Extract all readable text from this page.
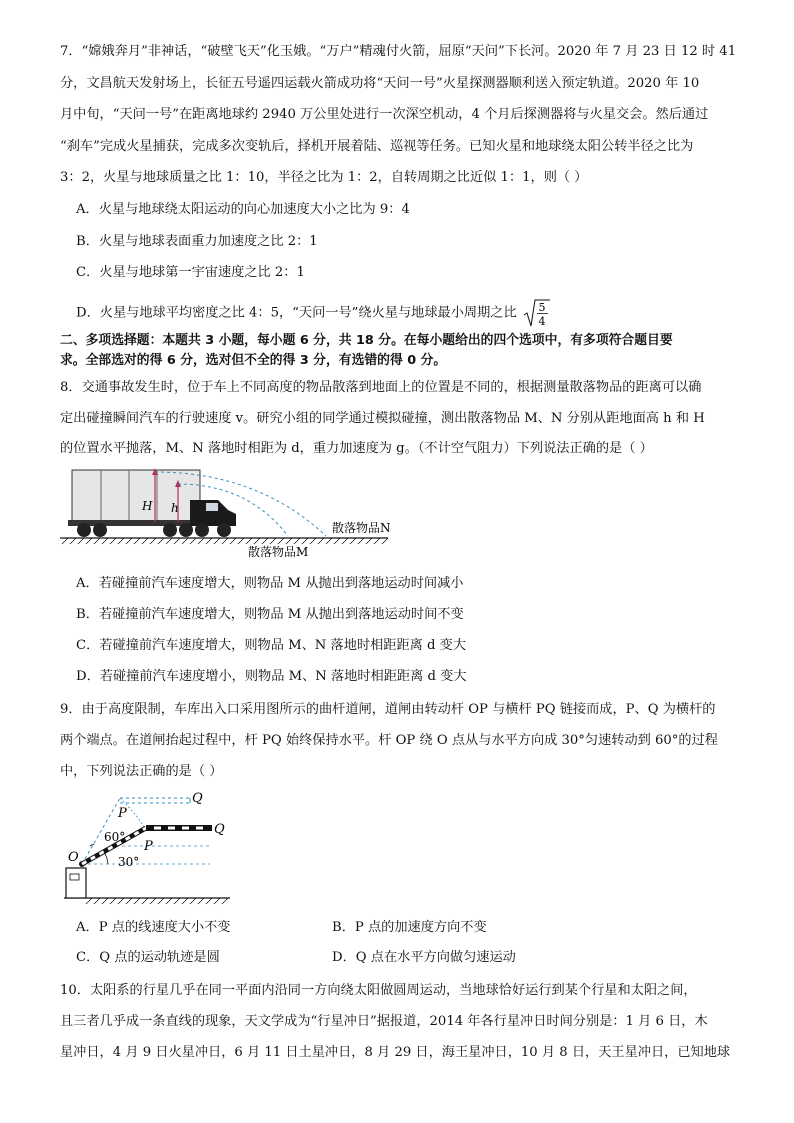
7．“嫦娥奔月”非神话，“破壁飞天”化玉娥。“万户”精魂付火箭，屈原“天问”下长河。2020 年 7 月 23 日 12 时 41
分，文昌航天发射场上，长征五号遥四运载火箭成功将“天问一号”火星探测器顺利送入预定轨道。2020 年 10
月中旬，“天问一号”在距离地球约 2940 万公里处进行一次深空机动，4 个月后探测器将与火星交会。然后通过
“刹车”完成火星捕获，完成多次变轨后，择机开展着陆、巡视等任务。已知火星和地球绕太阳公转半径之比为
3：2，火星与地球质量之比 1：10，半径之比为 1：2，自转周期之比近似 1：1，则（ ）
A．火星与地球绕太阳运动的向心加速度大小之比为 9：4
B．火星与地球表面重力加速度之比 2：1
C．火星与地球第一宇宙速度之比 2：1
D．火星与地球平均密度之比 4：5，“天问一号”绕火星与地球最小周期之比 5
4
二、多项选择题：本题共 3 小题，每小题 6 分，共 18 分。在每小题给出的四个选项中，有多项符合题目要
求。全部选对的得 6 分，选对但不全的得 3 分，有选错的得 0 分。
8．交通事故发生时，位于车上不同高度的物品散落到地面上的位置是不同的，根据测量散落物品的距离可以确
定出碰撞瞬间汽车的行驶速度 v。研究小组的同学通过模拟碰撞，测出散落物品 M、N 分别从距地面高 h 和 H
的位置水平抛落，M、N 落地时相距为 d，重力加速度为 g。（不计空气阻力）下列说法正确的是（ ）
H h
散落物品N
散落物品M
A．若碰撞前汽车速度增大，则物品 M 从抛出到落地运动时间减小
B．若碰撞前汽车速度增大，则物品 M 从抛出到落地运动时间不变
C．若碰撞前汽车速度增大，则物品 M、N 落地时相距距离 d 变大
D．若碰撞前汽车速度增小，则物品 M、N 落地时相距距离 d 变大
9．由于高度限制，车库出入口采用图所示的曲杆道闸，道闸由转动杆 OP 与横杆 PQ 链接而成，P、Q 为横杆的
两个端点。在道闸抬起过程中，杆 PQ 始终保持水平。杆 OP 绕 O 点从与水平方向成 30°匀速转动到 60°的过程
中，下列说法正确的是（ ）
Q
P
60°	Q
P
O	30°
A．P 点的线速度大小不变	B．P 点的加速度方向不变
C．Q 点的运动轨迹是圆	D．Q 点在水平方向做匀速运动
10．太阳系的行星几乎在同一平面内沿同一方向绕太阳做圆周运动，当地球恰好运行到某个行星和太阳之间，
且三者几乎成一条直线的现象，天文学成为“行星冲日”据报道，2014 年各行星冲日时间分别是：1 月 6 日，木
星冲日，4 月 9 日火星冲日，6 月 11 日土星冲日，8 月 29 日，海王星冲日，10 月 8 日，天王星冲日，已知地球
